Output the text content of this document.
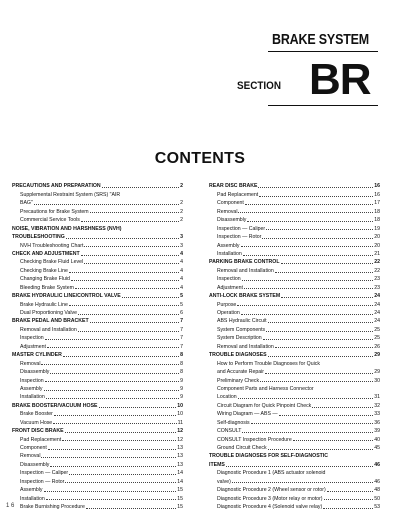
BRAKE SYSTEM
SECTION BR
CONTENTS
PRECAUTIONS AND PREPARATION	2
Supplemental Restraint System (SRS) "AIR
BAG"	2
Precautions for Brake System	2
Commercial Service Tools	2
NOISE, VIBRATION AND HARSHNESS (NVH)
TROUBLESHOOTING	3
NVH Troubleshooting Chart	3
CHECK AND ADJUSTMENT	4
Checking Brake Fluid Level	4
Checking Brake Line	4
Changing Brake Fluid	4
Bleeding Brake System	4
BRAKE HYDRAULIC LINE/CONTROL VALVE	5
Brake Hydraulic Line	5
Dual Proportioning Valve	6
BRAKE PEDAL AND BRACKET	7
Removal and Installation	7
Inspection	7
Adjustment	7
MASTER CYLINDER	8
Removal	8
Disassembly	8
Inspection	9
Assembly	9
Installation	9
BRAKE BOOSTER/VACUUM HOSE	10
Brake Booster	10
Vacuum Hose	11
FRONT DISC BRAKE	12
Pad Replacement	12
Component	13
Removal	13
Disassembly	13
Inspection — Caliper	14
Inspection — Rotor	14
Assembly	15
Installation	15
Brake Burnishing Procedure	15
REAR DISC BRAKE	16
Pad Replacement	16
Component	17
Removal	18
Disassembly	18
Inspection — Caliper	19
Inspection — Rotor	20
Assembly	20
Installation	21
PARKING BRAKE CONTROL	22
Removal and Installation	22
Inspection	23
Adjustment	23
ANTI-LOCK BRAKE SYSTEM	24
Purpose	24
Operation	24
ABS Hydraulic Circuit	24
System Components	25
System Description	25
Removal and Installation	26
TROUBLE DIAGNOSES	29
How to Perform Trouble Diagnoses for Quick
and Accurate Repair	29
Preliminary Check	30
Component Parts and Harness Connector
Location	31
Circuit Diagram for Quick Pinpoint Check	32
Wiring Diagram — ABS —	33
Self-diagnosis	36
CONSULT	39
CONSULT Inspection Procedure	40
Ground Circuit Check	45
TROUBLE DIAGNOSES FOR SELF-DIAGNOSTIC
ITEMS	46
Diagnostic Procedure 1 (ABS actuator solenoid
valve)	46
Diagnostic Procedure 2 (Wheel sensor or rotor)	48
Diagnostic Procedure 3 (Motor relay or motor)	50
Diagnostic Procedure 4 (Solenoid valve relay)	53
1 6
